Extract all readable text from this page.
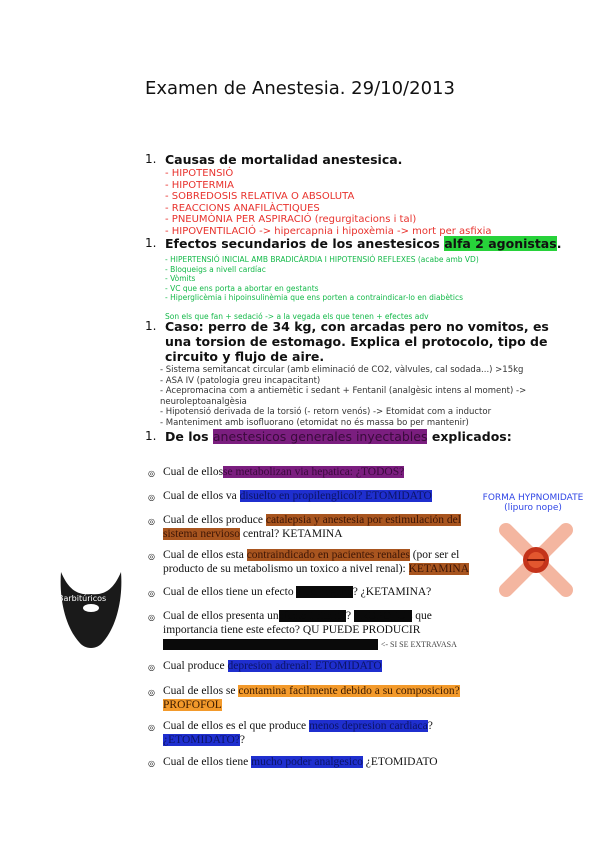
Examen de Anestesia. 29/10/2013
1. Causas de mortalidad anestesica.
- HIPOTENSIÓ
- HIPOTERMIA
- SOBREDOSIS RELATIVA O ABSOLUTA
- REACCIONS ANAFILÀCTIQUES
- PNEUMÒNIA PER ASPIRACIÓ (regurgitacions i tal)
- HIPOVENTILACIÓ -> hipercapnia i hipoxèmia -> mort per asfixia
1. Efectos secundarios de los anestesicos alfa 2 agonistas.
- HIPERTENSIÓ INICIAL AMB BRADICÀRDIA I HIPOTENSIÓ REFLEXES (acabe amb VD)
- Bloqueigs a nivell cardíac
- Vòmits
- VC que ens porta a abortar en gestants
- Hiperglicèmia i hipoinsulinèmia que ens porten a contraindicar-lo en diabètics
Son els que fan + sedació -> a la vegada els que tenen + efectes adv
1. Caso: perro de 34 kg, con arcadas pero no vomitos, es
una torsion de estomago. Explica el protocolo, tipo de
circuito y flujo de aire.
- Sistema semitancat circular (amb eliminació de CO2, vàlvules, cal sodada...) >15kg
- ASA IV (patologia greu incapacitant)
- Acepromacina com a antiemètic i sedant + Fentanil (analgèsic intens al moment) ->
neuroleptoanalgèsia
- Hipotensió derivada de la torsió (- retorn venós) -> Etomidat com a inductor
- Manteniment amb isofluorano (etomidat no és massa bo per mantenir)
1. De los anestesicos generales inyectables explicados:
◎ Cual de ellosse metabolizan via hepatica: ¿TODOS?
◎ Cual de ellos va disuelto en propilenglicol? ETOMIDATO	FORMA HYPNOMIDATE
(lipuro nope)
◎ Cual de ellos produce catalepsia y anestesia por estimulación del
sistema nervioso central? KETAMINA
◎ Cual de ellos esta contraindicado en pacientes renales (por ser el
producto de su metabolismo un toxico a nivel renal): KETAMINA
Barbitúricos
◎ Cual de ellos tiene un efecto alucinogeno? ¿KETAMINA?
◎ Cual de ellos presenta unefecto irritante? PROPOFOL que
importancia tiene este efecto? QU PUEDE PRODUCIR
<- SI SE EXTRAVASA
◎ Cual produce depresion adrenal: ETOMIDATO
◎ Cual de ellos se contamina facilmente debido a su composicion?
PROFOFOL
◎ Cual de ellos es el que produce menos depresion cardiaca?
¿ETOMIDATO??
◎ Cual de ellos tiene mucho poder analgesico ¿ETOMIDATO
